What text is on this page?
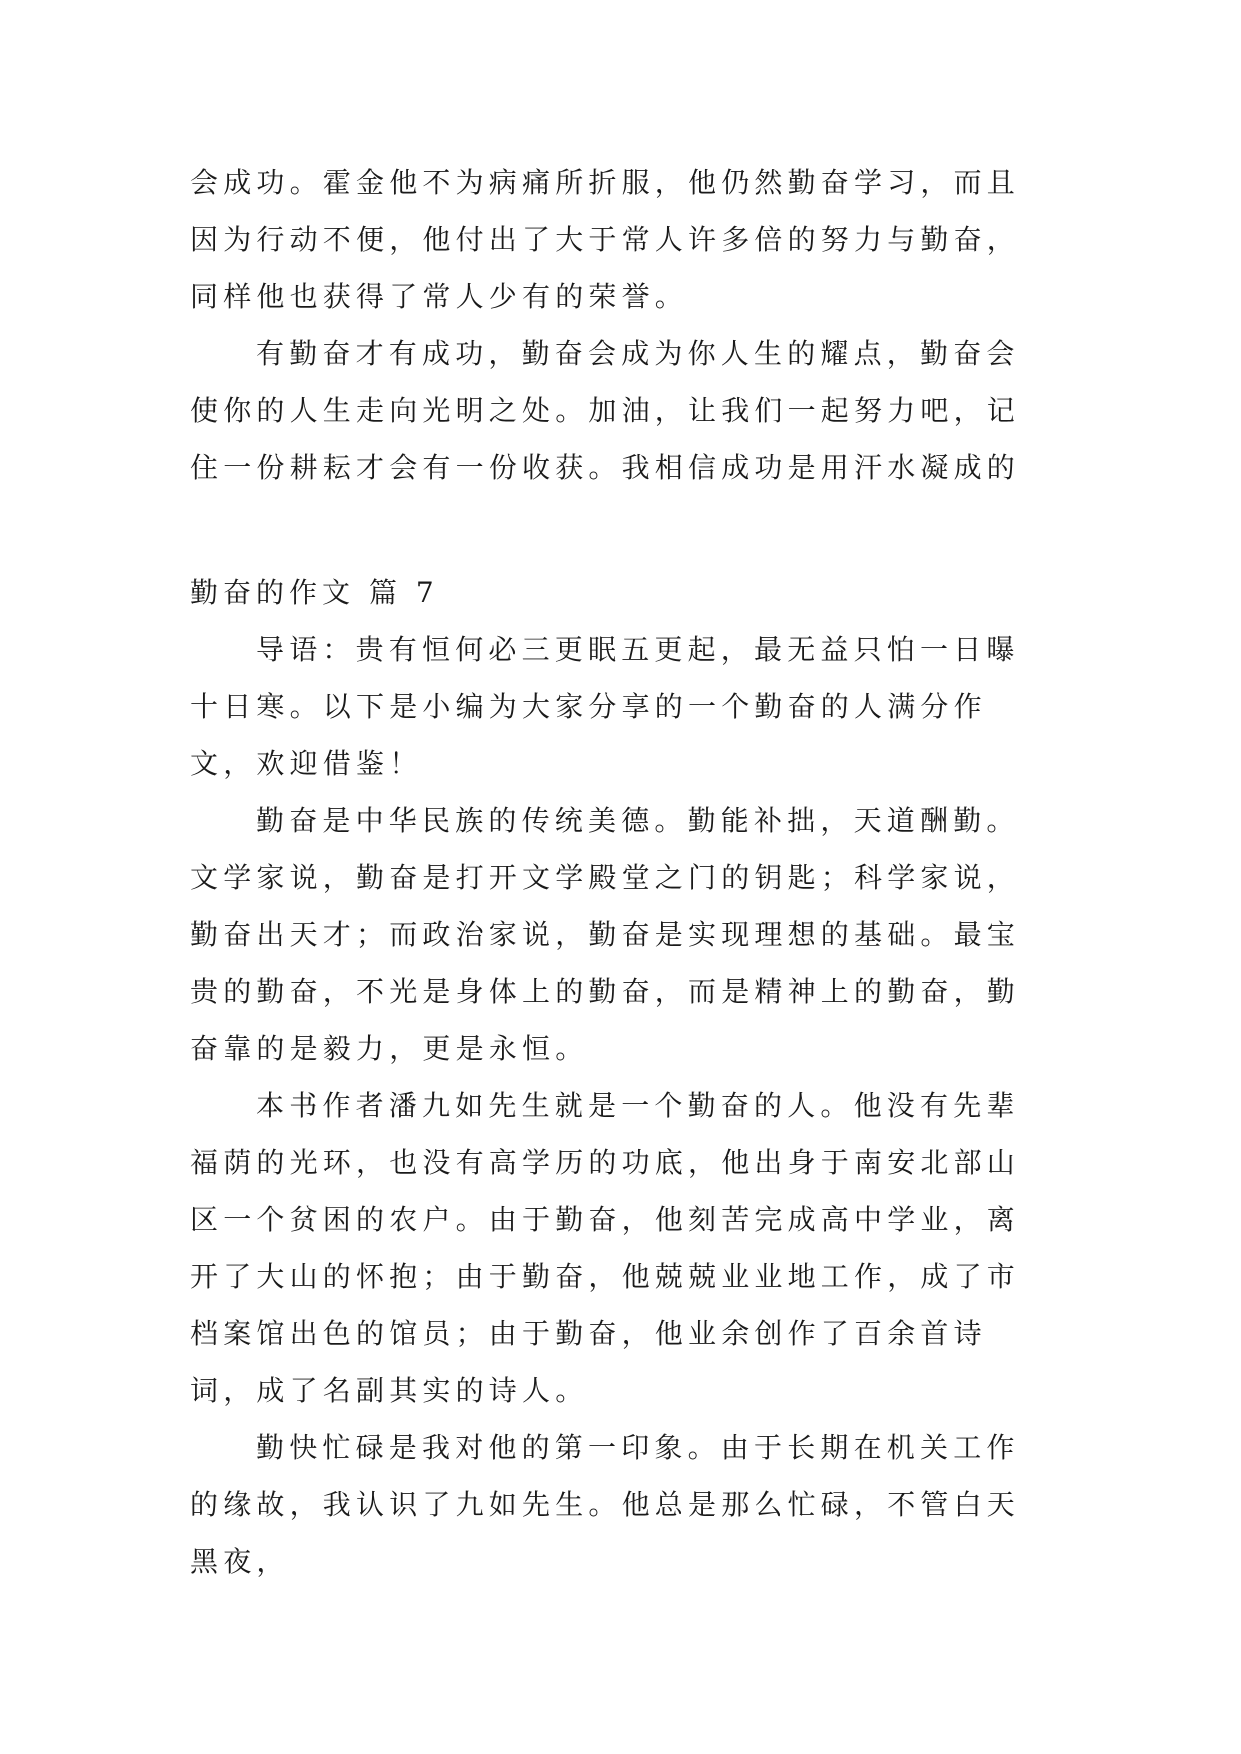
会成功。霍金他不为病痛所折服，他仍然勤奋学习，而且因为行动不便，他付出了大于常人许多倍的努力与勤奋，同样他也获得了常人少有的荣誉。

有勤奋才有成功，勤奋会成为你人生的耀点，勤奋会使你的人生走向光明之处。加油，让我们一起努力吧，记住一份耕耘才会有一份收获。我相信成功是用汗水凝成的

勤奋的作文 篇 7

导语：贵有恒何必三更眠五更起，最无益只怕一日曝十日寒。以下是小编为大家分享的一个勤奋的人满分作文，欢迎借鉴！

勤奋是中华民族的传统美德。勤能补拙，天道酬勤。文学家说，勤奋是打开文学殿堂之门的钥匙；科学家说，勤奋出天才；而政治家说，勤奋是实现理想的基础。最宝贵的勤奋，不光是身体上的勤奋，而是精神上的勤奋，勤奋靠的是毅力，更是永恒。

本书作者潘九如先生就是一个勤奋的人。他没有先辈福荫的光环，也没有高学历的功底，他出身于南安北部山区一个贫困的农户。由于勤奋，他刻苦完成高中学业，离开了大山的怀抱；由于勤奋，他兢兢业业地工作，成了市档案馆出色的馆员；由于勤奋，他业余创作了百余首诗词，成了名副其实的诗人。

勤快忙碌是我对他的第一印象。由于长期在机关工作的缘故，我认识了九如先生。他总是那么忙碌，不管白天黑夜，
